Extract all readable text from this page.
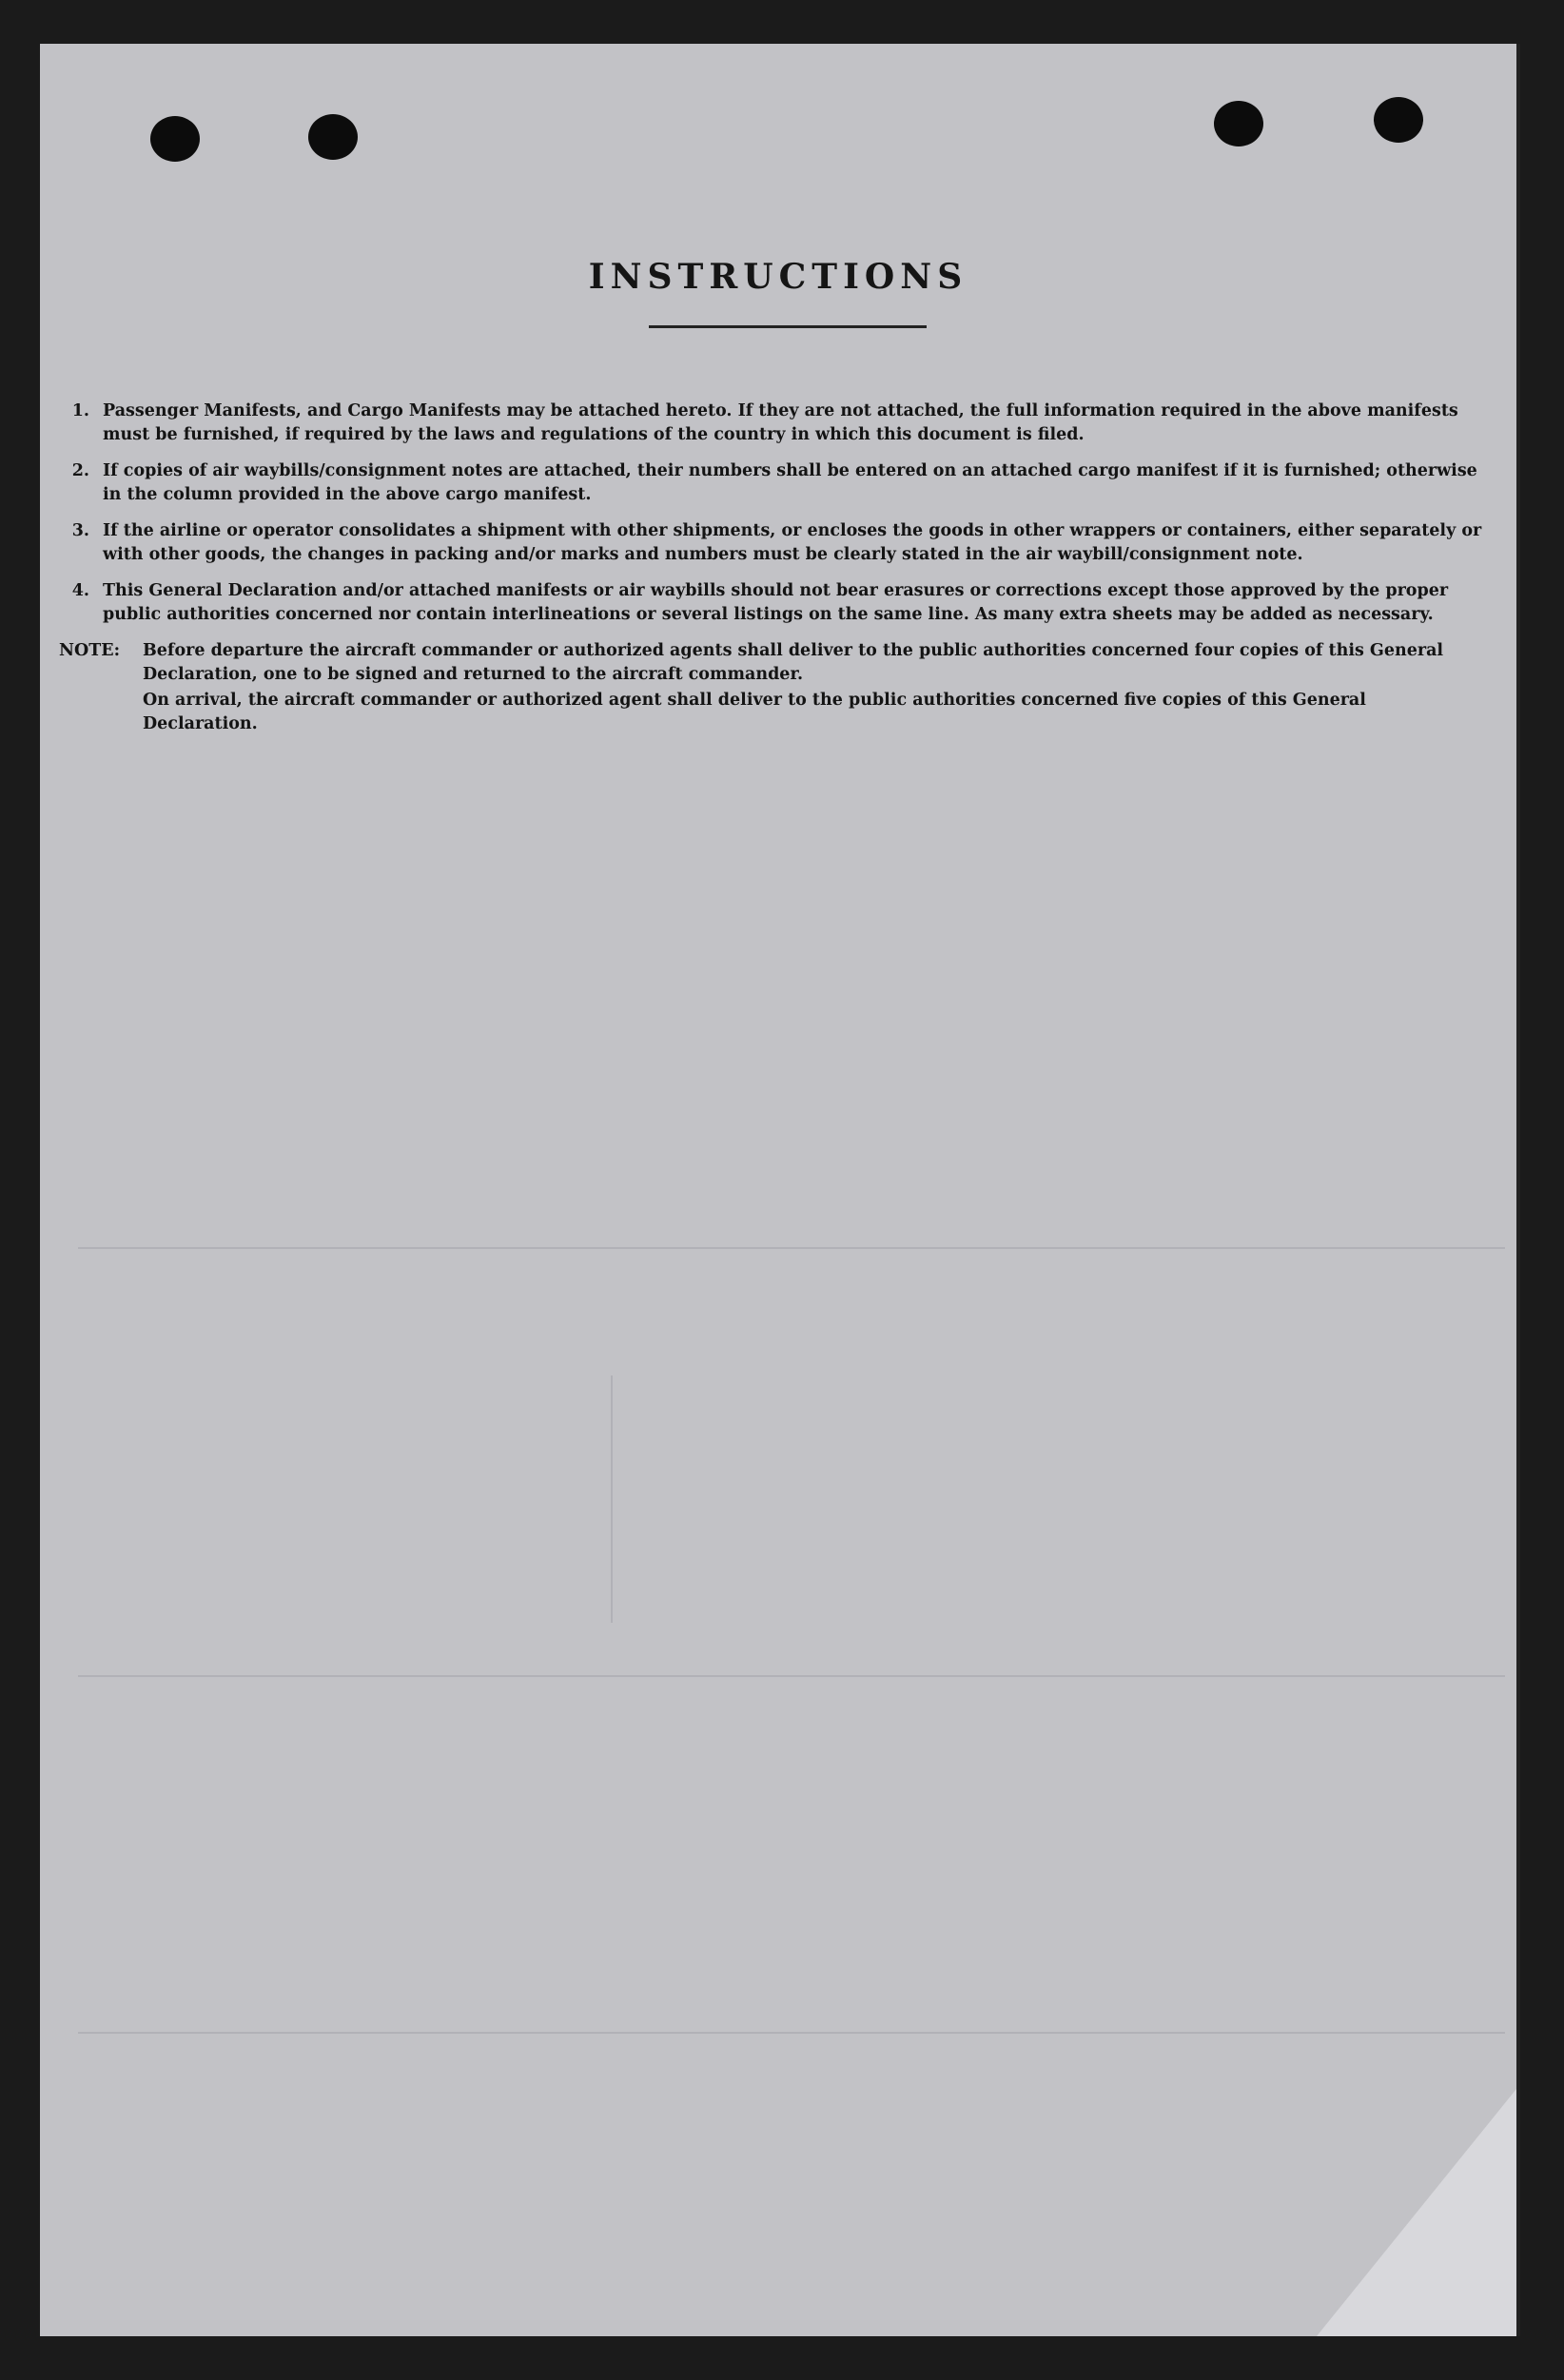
INSTRUCTIONS
1. Passenger Manifests, and Cargo Manifests may be attached hereto. If they are not attached, the full information required in the above manifests must be furnished, if required by the laws and regulations of the country in which this document is filed.
2. If copies of air waybills/consignment notes are attached, their numbers shall be entered on an attached cargo manifest if it is furnished; otherwise in the column provided in the above cargo manifest.
3. If the airline or operator consolidates a shipment with other shipments, or encloses the goods in other wrappers or containers, either separately or with other goods, the changes in packing and/or marks and numbers must be clearly stated in the air waybill/consignment note.
4. This General Declaration and/or attached manifests or air waybills should not bear erasures or corrections except those approved by the proper public authorities concerned nor contain interlineations or several listings on the same line. As many extra sheets may be added as necessary.
NOTE:	Before departure the aircraft commander or authorized agents shall deliver to the public authorities concerned four copies of this General Declaration, one to be signed and returned to the aircraft commander.
On arrival, the aircraft commander or authorized agent shall deliver to the public authorities concerned five copies of this General Declaration.
